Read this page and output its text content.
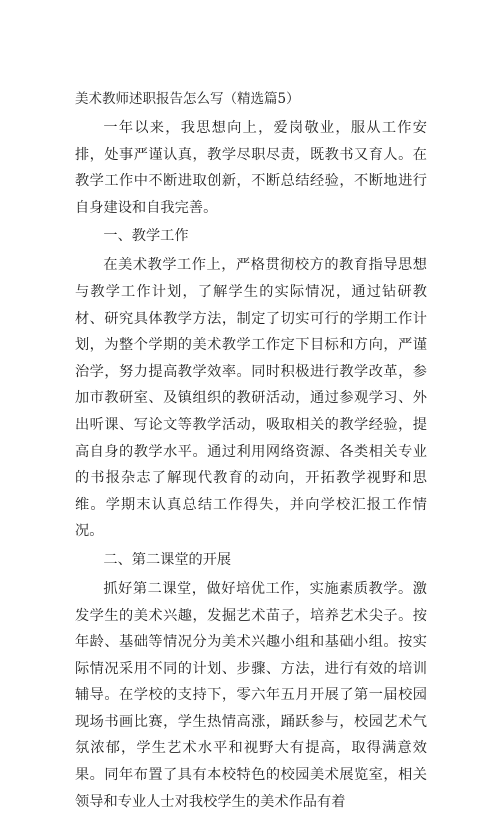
美术教师述职报告怎么写（精选篇5）

一年以来，我思想向上，爱岗敬业，服从工作安排，处事严谨认真，教学尽职尽责，既教书又育人。在教学工作中不断进取创新，不断总结经验，不断地进行自身建设和自我完善。

一、教学工作

在美术教学工作上，严格贯彻校方的教育指导思想与教学工作计划，了解学生的实际情况，通过钻研教材、研究具体教学方法，制定了切实可行的学期工作计划，为整个学期的美术教学工作定下目标和方向，严谨治学，努力提高教学效率。同时积极进行教学改革，参加市教研室、及镇组织的教研活动，通过参观学习、外出听课、写论文等教学活动，吸取相关的教学经验，提高自身的教学水平。通过利用网络资源、各类相关专业的书报杂志了解现代教育的动向，开拓教学视野和思维。学期末认真总结工作得失，并向学校汇报工作情况。

二、第二课堂的开展

抓好第二课堂，做好培优工作，实施素质教学。激发学生的美术兴趣，发掘艺术苗子，培养艺术尖子。按年龄、基础等情况分为美术兴趣小组和基础小组。按实际情况采用不同的计划、步骤、方法，进行有效的培训辅导。在学校的支持下，零六年五月开展了第一届校园现场书画比赛，学生热情高涨，踊跃参与，校园艺术气氛浓郁，学生艺术水平和视野大有提高，取得满意效果。同年布置了具有本校特色的校园美术展览室，相关领导和专业人士对我校学生的美术作品有着
